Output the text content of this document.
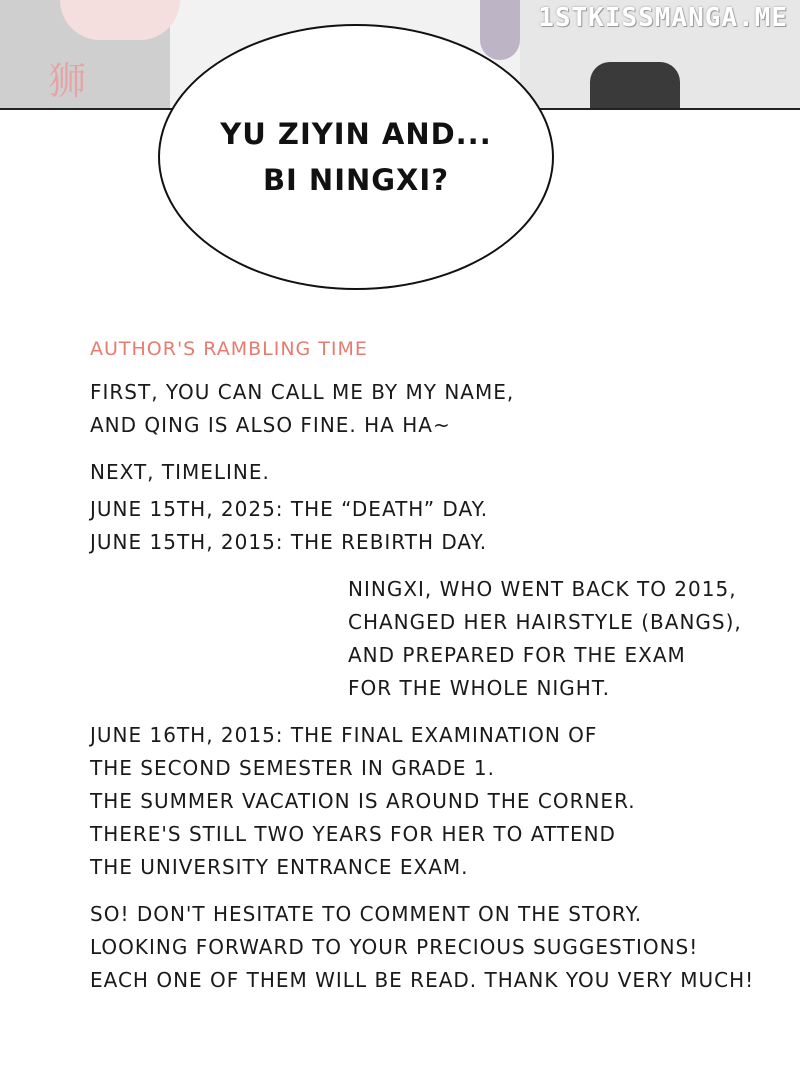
狮
1STKISSMANGA.ME
YU ZIYIN AND...
BI NINGXI?
AUTHOR'S RAMBLING TIME
FIRST, YOU CAN CALL ME BY MY NAME,
AND QING IS ALSO FINE. HA HA~
NEXT, TIMELINE.
JUNE 15TH, 2025: THE “DEATH” DAY.
JUNE 15TH, 2015: THE REBIRTH DAY.
NINGXI, WHO WENT BACK TO 2015,
CHANGED HER HAIRSTYLE (BANGS),
AND PREPARED FOR THE EXAM
FOR THE WHOLE NIGHT.
JUNE 16TH, 2015: THE FINAL EXAMINATION OF
THE SECOND SEMESTER IN GRADE 1.
THE SUMMER VACATION IS AROUND THE CORNER.
THERE'S STILL TWO YEARS FOR HER TO ATTEND
THE UNIVERSITY ENTRANCE EXAM.
SO! DON'T HESITATE TO COMMENT ON THE STORY.
LOOKING FORWARD TO YOUR PRECIOUS SUGGESTIONS!
EACH ONE OF THEM WILL BE READ. THANK YOU VERY MUCH!
